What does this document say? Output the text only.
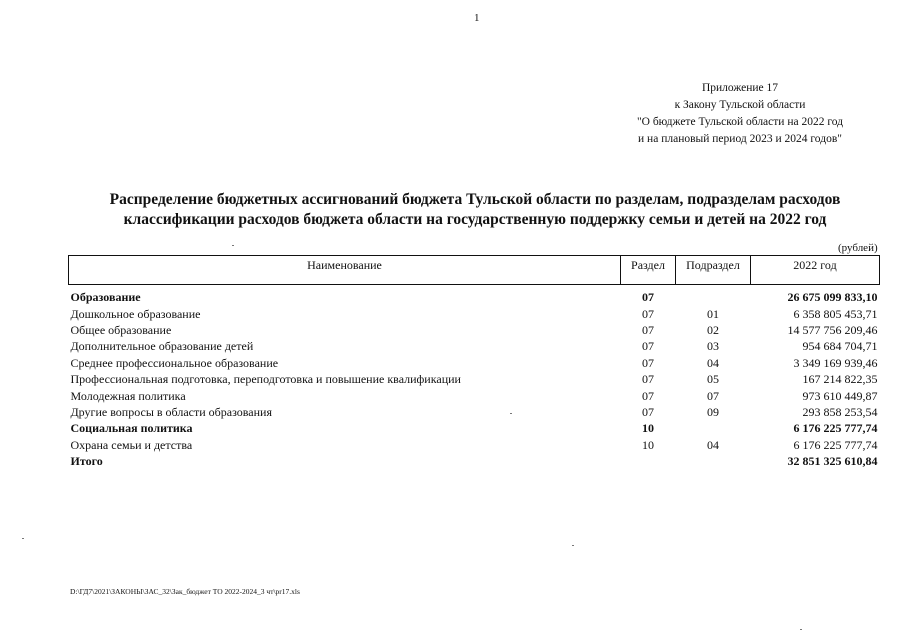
1
Приложение 17
к Закону Тульской области
"О бюджете Тульской области на 2022 год
и на плановый период 2023 и 2024 годов"
Распределение бюджетных ассигнований бюджета Тульской области по разделам, подразделам расходов
классификации расходов бюджета области на государственную поддержку семьи и детей на 2022 год
(рублей)
Наименование	Раздел	Подраздел	2022 год

Образование	07		26 675 099 833,10
Дошкольное образование	07	01	6 358 805 453,71
Общее образование	07	02	14 577 756 209,46
Дополнительное образование детей	07	03	954 684 704,71
Среднее профессиональное образование	07	04	3 349 169 939,46
Профессиональная подготовка, переподготовка и повышение квалификации	07	05	167 214 822,35
Молодежная политика	07	07	973 610 449,87
Другие вопросы в области образования	07	09	293 858 253,54
Социальная политика	10		6 176 225 777,74
Охрана семьи и детства	10	04	6 176 225 777,74
Итого			32 851 325 610,84
D:\ГД7\2021\ЗАКОНЫ\ЗАС_32\Зак_бюджет ТО 2022-2024_3 чт\pr17.xls
